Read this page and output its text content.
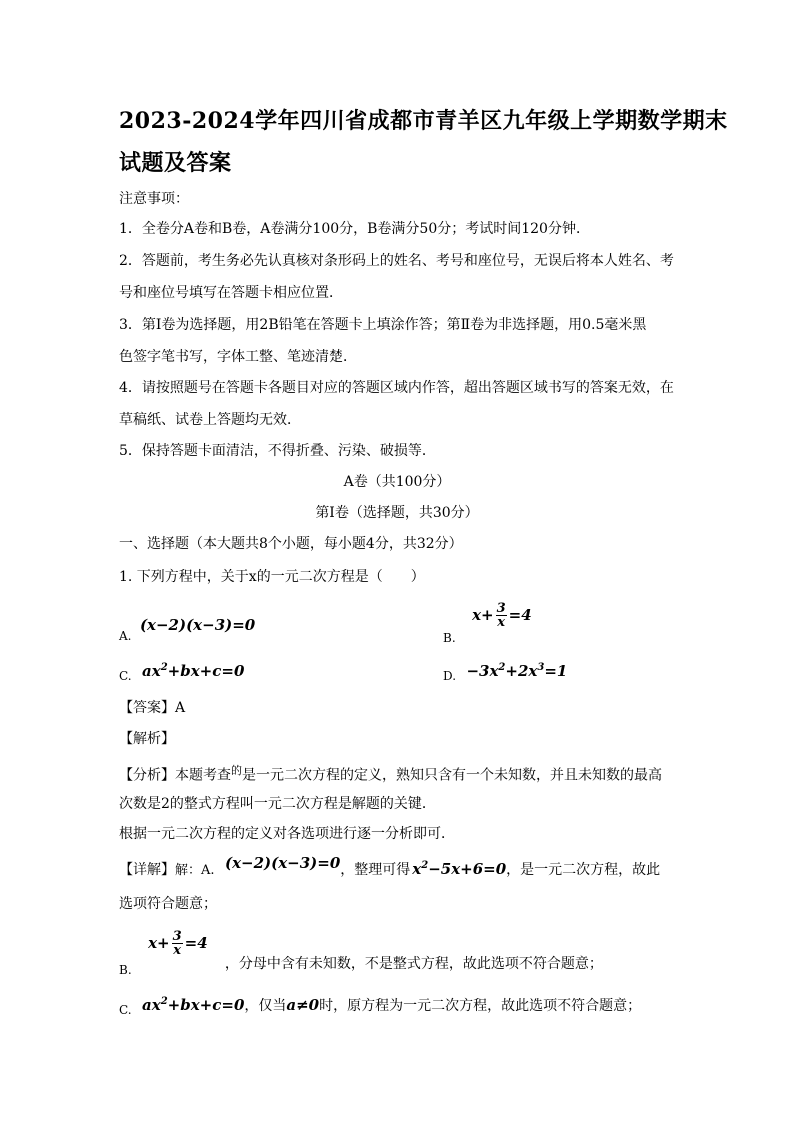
2023-2024学年四川省成都市青羊区九年级上学期数学期末
试题及答案
注意事项：
1．全卷分A卷和B卷，A卷满分100分，B卷满分50分；考试时间120分钟．
2．答题前，考生务必先认真核对条形码上的姓名、考号和座位号，无误后将本人姓名、考
号和座位号填写在答题卡相应位置．
3．第Ⅰ卷为选择题，用2B铅笔在答题卡上填涂作答；第Ⅱ卷为非选择题，用0.5毫米黑
色签字笔书写，字体工整、笔迹清楚．
4．请按照题号在答题卡各题目对应的答题区域内作答，超出答题区域书写的答案无效，在
草稿纸、试卷上答题均无效．
5．保持答题卡面清洁，不得折叠、污染、破损等．
A卷（共100分）
第Ⅰ卷（选择题，共30分）
一、选择题（本大题共8个小题，每小题4分，共32分）
1. 下列方程中，关于x的一元二次方程是（　　）
A. (x−2)(x−3)=0
B. $x+ \frac{3}{x} =4$
C. $ax^2+bx+c=0$	D. $-3x^2+2x^3=1$
【答案】A
【解析】
【分析】本题考查$^的$是一元二次方程的定义，熟知只含有一个未知数，并且未知数的最高
次数是2的整式方程叫一元二次方程是解题的关键．
根据一元二次方程的定义对各选项进行逐一分析即可．
【详解】解：A. (x−2)(x−3)=0，整理可得 $x^2-5x+6=0$，是一元二次方程，故此
选项符合题意；
B. $x+ \frac{3}{x} =4$ ，分母中含有未知数，不是整式方程，故此选项不符合题意；
C. $ax^2+bx+c=0$，仅当a≠0时，原方程为一元二次方程，故此选项不符合题意；
